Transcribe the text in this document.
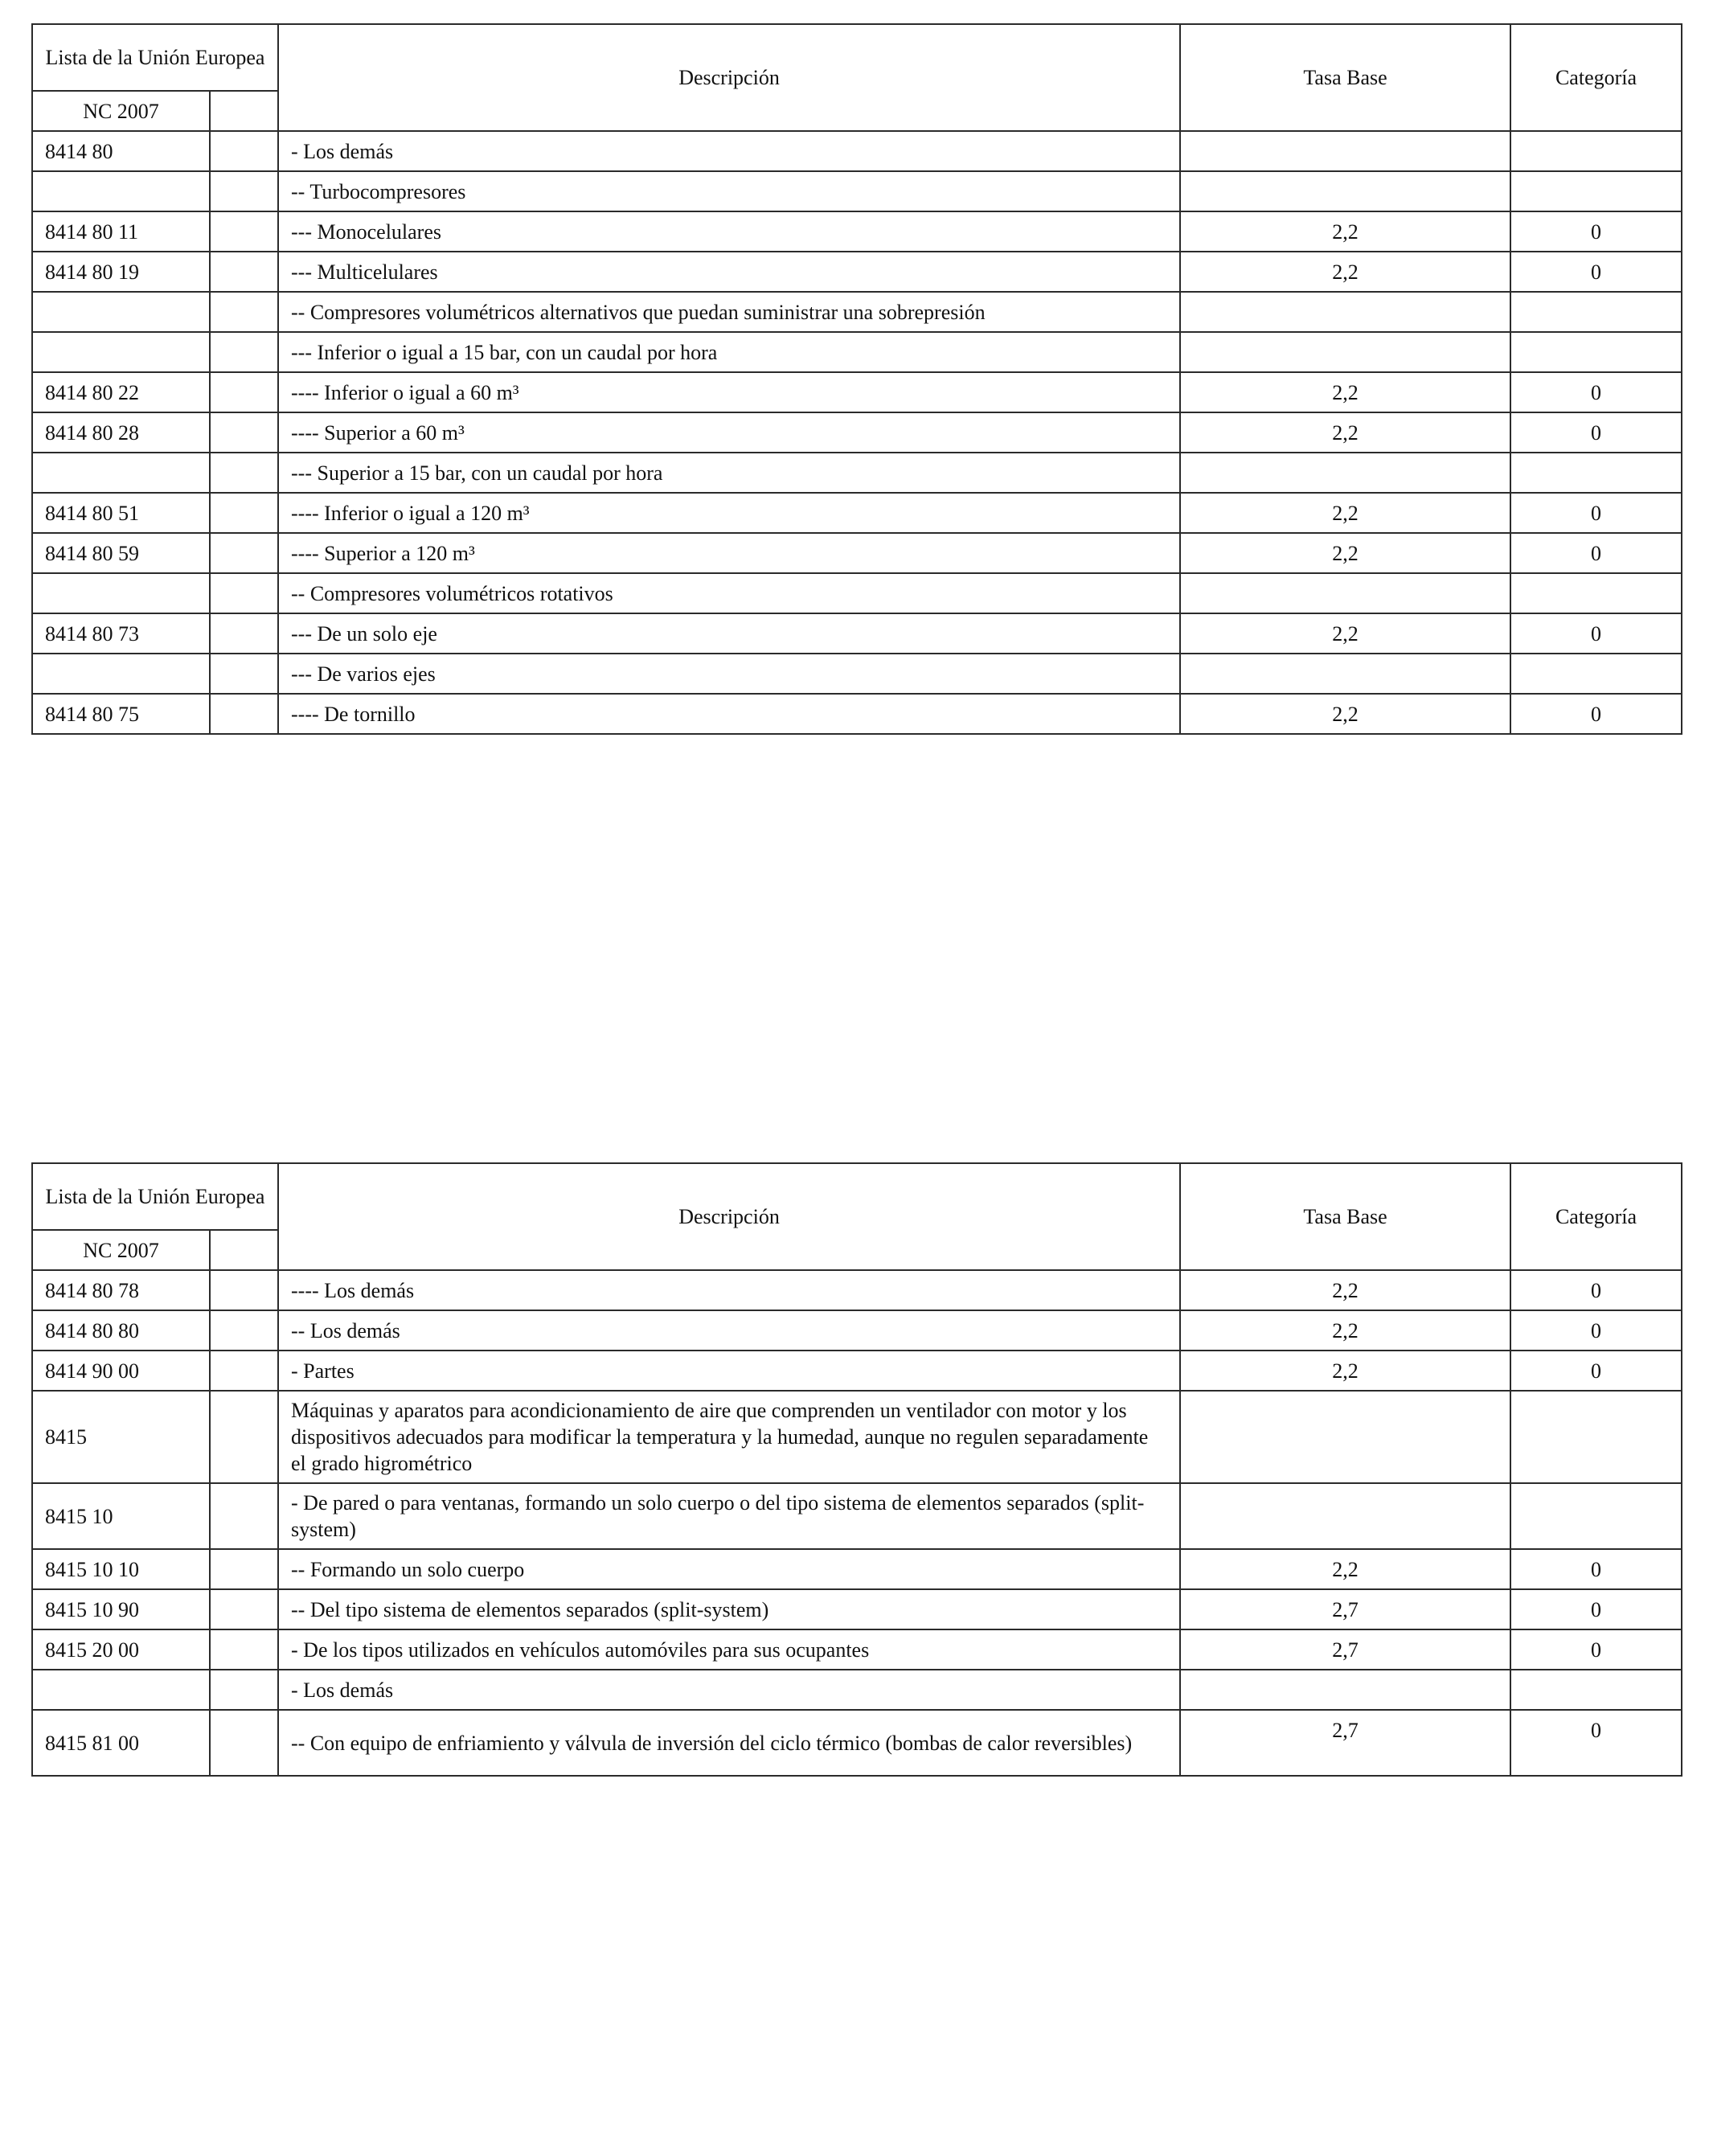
Lista de la Unión Europea		Descripción	Tasa Base	Categoría
NC 2007				
8414 80		- Los demás		
		-- Turbocompresores		
8414 80 11		--- Monocelulares	2,2	0
8414 80 19		--- Multicelulares	2,2	0
		-- Compresores volumétricos alternativos que puedan suministrar una sobrepresión		
		--- Inferior o igual a 15 bar, con un caudal por hora		
8414 80 22		---- Inferior o igual a 60 m³	2,2	0
8414 80 28		---- Superior a 60 m³	2,2	0
		--- Superior a 15 bar, con un caudal por hora		
8414 80 51		---- Inferior o igual a 120 m³	2,2	0
8414 80 59		---- Superior a 120 m³	2,2	0
		-- Compresores volumétricos rotativos		
8414 80 73		--- De un solo eje	2,2	0
		--- De varios ejes		
8414 80 75		---- De tornillo	2,2	0
Lista de la Unión Europea		Descripción	Tasa Base	Categoría
NC 2007				
8414 80 78		---- Los demás	2,2	0
8414 80 80		-- Los demás	2,2	0
8414 90 00		- Partes	2,2	0
8415		Máquinas y aparatos para acondicionamiento de aire que comprenden un ventilador con motor y los dispositivos adecuados para modificar la temperatura y la humedad, aunque no regulen separadamente el grado higrométrico		
8415 10		- De pared o para ventanas, formando un solo cuerpo o del tipo sistema de elementos separados (split-system)		
8415 10 10		-- Formando un solo cuerpo	2,2	0
8415 10 90		-- Del tipo sistema de elementos separados (split-system)	2,7	0
8415 20 00		- De los tipos utilizados en vehículos automóviles para sus ocupantes	2,7	0
		- Los demás		
8415 81 00		-- Con equipo de enfriamiento y válvula de inversión del ciclo térmico (bombas de calor reversibles)	2,7	0
